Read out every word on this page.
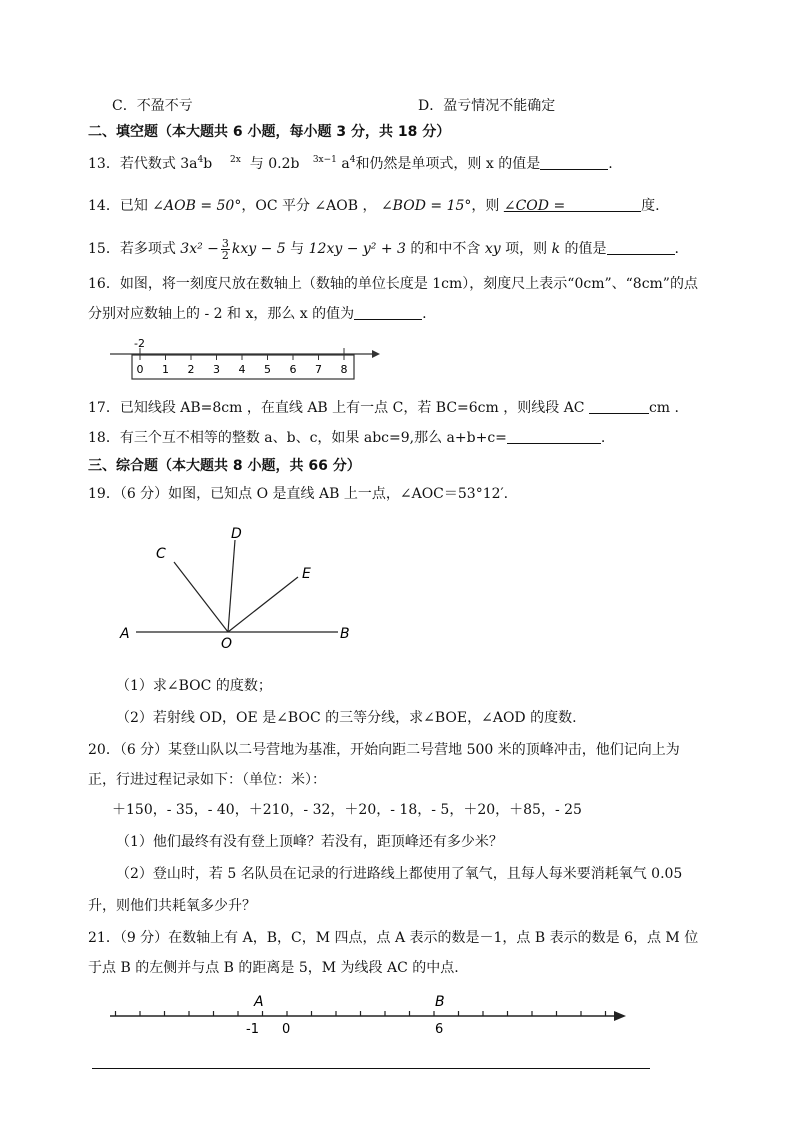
C．不盈不亏	D．盈亏情况不能确定
二、填空题（本大题共 6 小题，每小题 3 分，共 18 分）
13．若代数式 $3a^4b$ $^{2x}$ 与 0.2b $^{3x-1}$ $a^4$和仍然是单项式，则 x 的值是	.
14．已知 ∠AOB = 50°，OC 平分 ∠AOB ， ∠BOD = 15°，则 ∠COD =	度.
15．若多项式 $3x^2 - \frac{3}{2}$ kxy − 5 与 12xy − y² + 3 的和中不含 xy 项，则 k 的值是	.
16．如图，将一刻度尺放在数轴上（数轴的单位长度是 1cm），刻度尺上表示“0cm”、“8cm”的点
分别对应数轴上的 - 2 和 x，那么 x 的值为	.
-2
0 1 2 3 4 5 6 7 8
17．已知线段 AB=8cm ，在直线 AB 上有一点 C，若 BC=6cm ，则线段 AC	cm .
18．有三个互不相等的整数 a、b、c，如果 abc=9,那么 a+b+c=	.
三、综合题（本大题共 8 小题，共 66 分）
19．（6 分）如图，已知点 O 是直线 AB 上一点，∠AOC＝53°12′.
A	B
C
D
E
O
（1）求∠BOC 的度数；
（2）若射线 OD，OE 是∠BOC 的三等分线，求∠BOE，∠AOD 的度数.
20．（6 分）某登山队以二号营地为基准，开始向距二号营地 500 米的顶峰冲击，他们记向上为
正，行进过程记录如下：（单位：米）：
＋150，- 35，- 40，＋210，- 32，＋20，- 18，- 5，＋20，＋85，- 25
（1）他们最终有没有登上顶峰？若没有，距顶峰还有多少米？
（2）登山时，若 5 名队员在记录的行进路线上都使用了氧气，且每人每米要消耗氧气 0.05
升，则他们共耗氧多少升？
21．（9 分）在数轴上有 A，B，C，M 四点，点 A 表示的数是－1，点 B 表示的数是 6，点 M 位
于点 B 的左侧并与点 B 的距离是 5，M 为线段 AC 的中点.
A	B
-1 0	6
